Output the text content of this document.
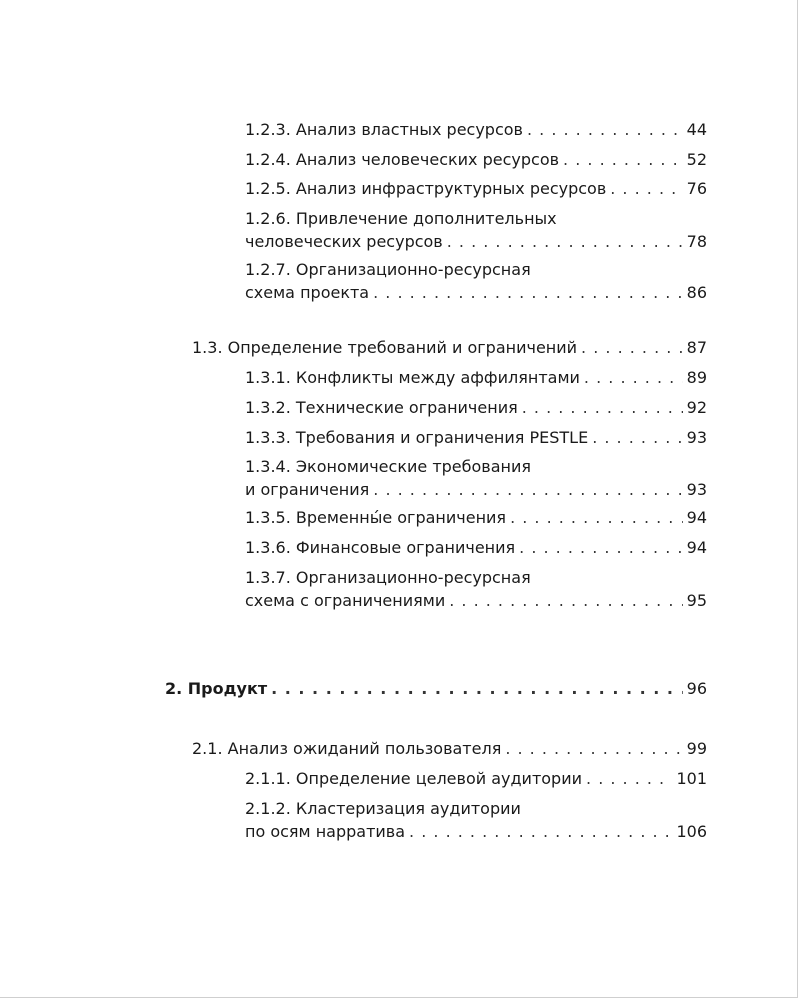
1.2.3. Анализ властных ресурсов . . .	44
1.2.4. Анализ человеческих ресурсов . . .	52
1.2.5. Анализ инфраструктурных ресурсов . . .	76
1.2.6. Привлечение дополнительных
человеческих ресурсов . . .	78
1.2.7. Организационно-ресурсная
схема проекта . . .	86
1.3. Определение требований и ограничений . . .	87
1.3.1. Конфликты между аффилянтами . . .	89
1.3.2. Технические ограничения . . .	92
1.3.3. Требования и ограничения PESTLE . . .	93
1.3.4. Экономические требования
и ограничения . . .	93
1.3.5. Временны́е ограничения . . .	94
1.3.6. Финансовые ограничения . . .	94
1.3.7. Организационно-ресурсная
схема с ограничениями . . .	95
2. Продукт . . .	96
2.1. Анализ ожиданий пользователя . . .	99
2.1.1. Определение целевой аудитории . . .	101
2.1.2. Кластеризация аудитории
по осям нарратива . . .	106
